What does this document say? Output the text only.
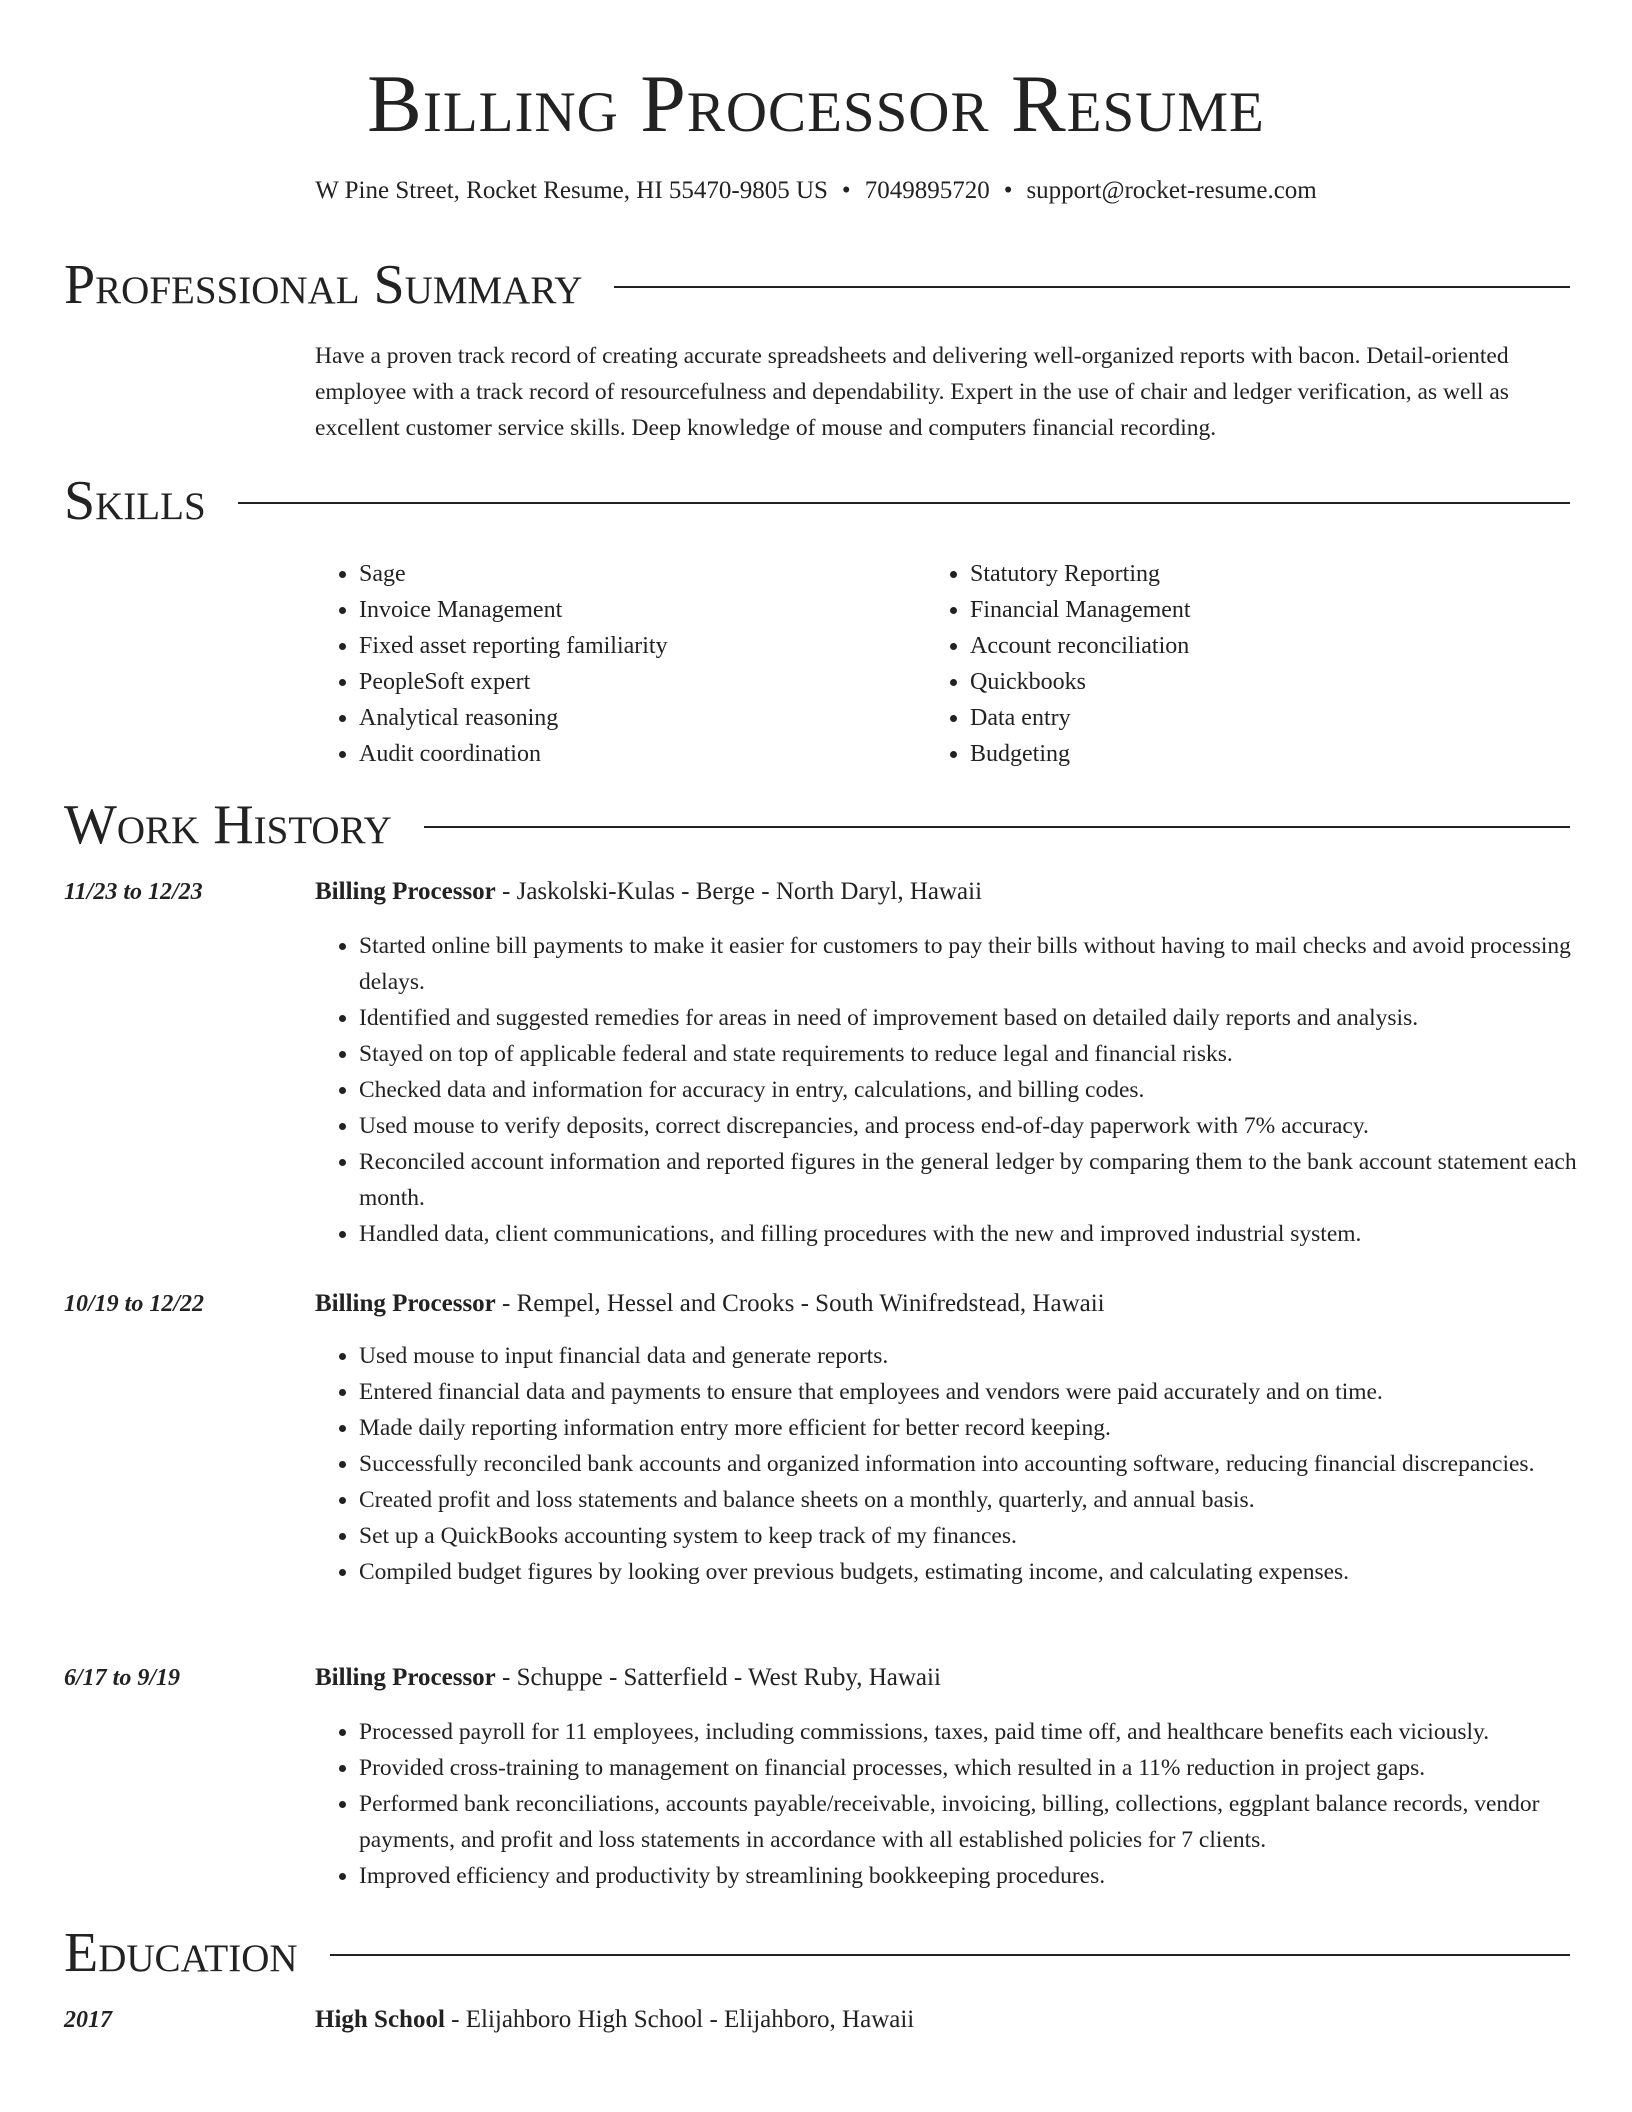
Billing Processor Resume
W Pine Street, Rocket Resume, HI 55470-9805 US • 7049895720 • support@rocket-resume.com
Professional Summary

Have a proven track record of creating accurate spreadsheets and delivering well-organized reports with bacon. Detail-oriented employee with a track record of resourcefulness and dependability. Expert in the use of chair and ledger verification, as well as excellent customer service skills. Deep knowledge of mouse and computers financial recording.

Skills
• Sage
• Invoice Management
• Fixed asset reporting familiarity
• PeopleSoft expert
• Analytical reasoning
• Audit coordination
• Statutory Reporting
• Financial Management
• Account reconciliation
• Quickbooks
• Data entry
• Budgeting
Work History
11/23 to 12/23	Billing Processor - Jaskolski-Kulas - Berge - North Daryl, Hawaii
• Started online bill payments to make it easier for customers to pay their bills without having to mail checks and avoid processing delays.
• Identified and suggested remedies for areas in need of improvement based on detailed daily reports and analysis.
• Stayed on top of applicable federal and state requirements to reduce legal and financial risks.
• Checked data and information for accuracy in entry, calculations, and billing codes.
• Used mouse to verify deposits, correct discrepancies, and process end-of-day paperwork with 7% accuracy.
• Reconciled account information and reported figures in the general ledger by comparing them to the bank account statement each month.
• Handled data, client communications, and filling procedures with the new and improved industrial system.
10/19 to 12/22	Billing Processor - Rempel, Hessel and Crooks - South Winifredstead, Hawaii
• Used mouse to input financial data and generate reports.
• Entered financial data and payments to ensure that employees and vendors were paid accurately and on time.
• Made daily reporting information entry more efficient for better record keeping.
• Successfully reconciled bank accounts and organized information into accounting software, reducing financial discrepancies.
• Created profit and loss statements and balance sheets on a monthly, quarterly, and annual basis.
• Set up a QuickBooks accounting system to keep track of my finances.
• Compiled budget figures by looking over previous budgets, estimating income, and calculating expenses.
6/17 to 9/19	Billing Processor - Schuppe - Satterfield - West Ruby, Hawaii
• Processed payroll for 11 employees, including commissions, taxes, paid time off, and healthcare benefits each viciously.
• Provided cross-training to management on financial processes, which resulted in a 11% reduction in project gaps.
• Performed bank reconciliations, accounts payable/receivable, invoicing, billing, collections, eggplant balance records, vendor payments, and profit and loss statements in accordance with all established policies for 7 clients.
• Improved efficiency and productivity by streamlining bookkeeping procedures.
Education
2017	High School - Elijahboro High School - Elijahboro, Hawaii
